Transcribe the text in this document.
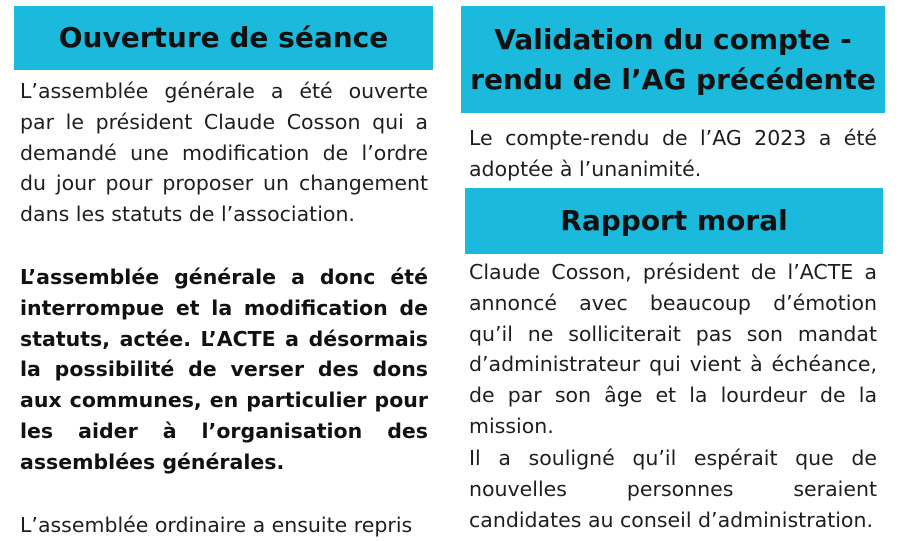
Ouverture de séance

L’assemblée générale a été ouverte par le président Claude Cosson qui a demandé une modification de l’ordre du jour pour proposer un changement dans les statuts de l’association.

L’assemblée générale a donc été interrompue et la modification de statuts, actée. L’ACTE a désormais la possibilité de verser des dons aux communes, en particulier pour les aider à l’organisation des assemblées générales.

L’assemblée ordinaire a ensuite repris

Validation du compte - rendu de l’AG précédente

Le compte-rendu de l’AG 2023 a été adoptée à l’unanimité.

Rapport moral

Claude Cosson, président de l’ACTE a annoncé avec beaucoup d’émotion qu’il ne solliciterait pas son mandat d’administrateur qui vient à échéance, de par son âge et la lourdeur de la mission.

Il a souligné qu’il espérait que de nouvelles personnes seraient candidates au conseil d’administration.
